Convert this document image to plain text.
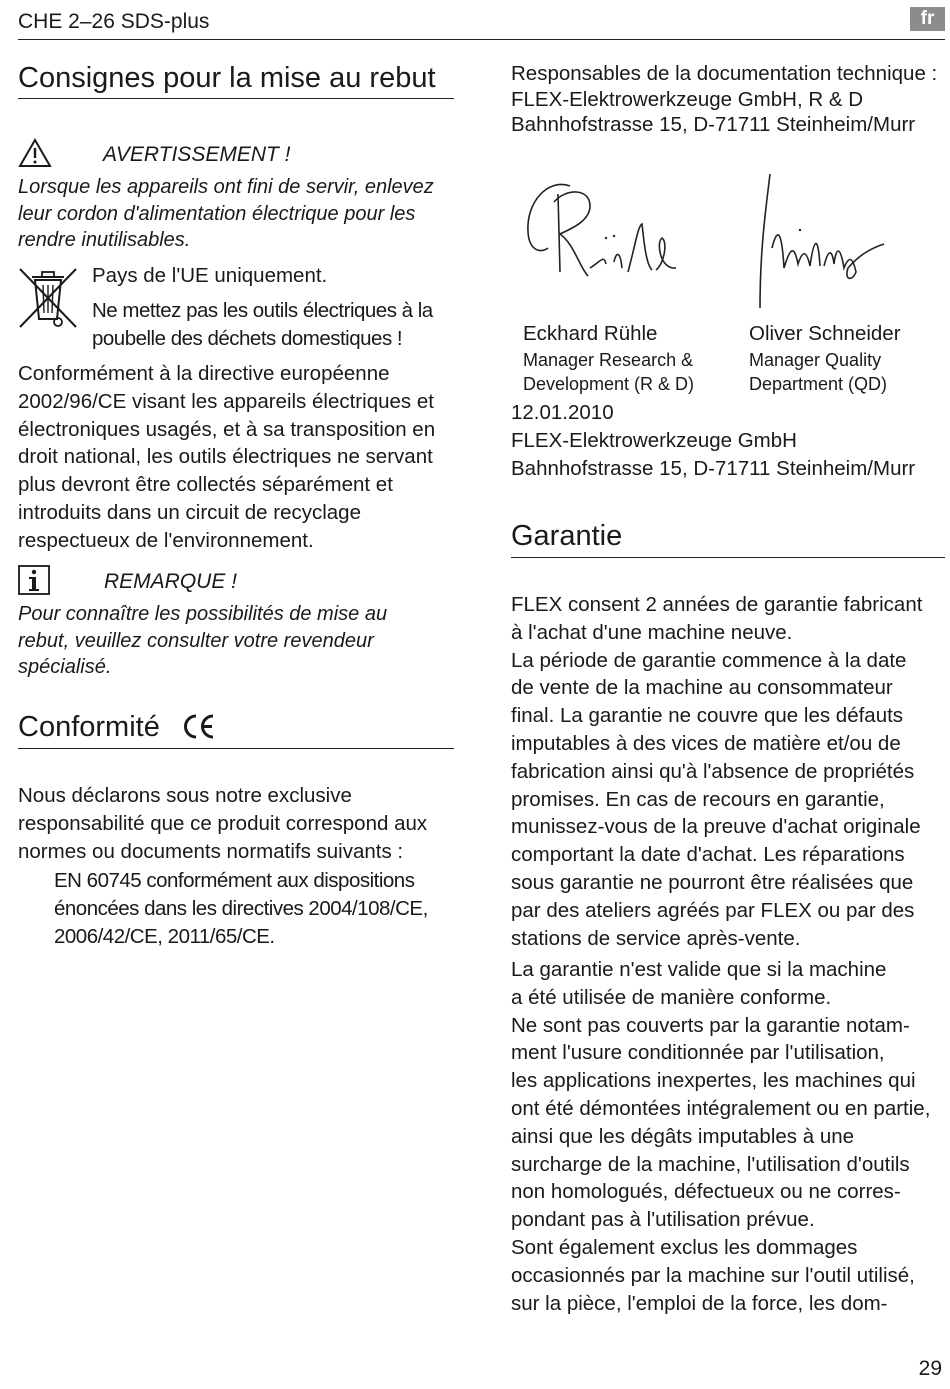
CHE 2–26 SDS-plus	fr
Consignes pour la mise au rebut
AVERTISSEMENT !

Lorsque les appareils ont fini de servir, enlevez

leur cordon d'alimentation électrique pour les

rendre inutilisables.

Pays de l'UE uniquement.

Ne mettez pas les outils électriques à la

poubelle des déchets domestiques !

Conformément à la directive européenne

2002/96/CE visant les appareils électriques et

électroniques usagés, et à sa transposition en

droit national, les outils électriques ne servant

plus devront être collectés séparément et

introduits dans un circuit de recyclage

respectueux de l'environnement.

REMARQUE !

Pour connaître les possibilités de mise au

rebut, veuillez consulter votre revendeur

spécialisé.

Conformité	CE

Nous déclarons sous notre exclusive

responsabilité que ce produit correspond aux

normes ou documents normatifs suivants :

EN 60745 conformément aux dispositions

énoncées dans les directives 2004/108/CE,

2006/42/CE, 2011/65/CE.

Responsables de la documentation technique :

FLEX-Elektrowerkzeuge GmbH, R & D

Bahnhofstrasse 15, D-71711 Steinheim/Murr

Eckhard Rühle

Manager Research &

Development (R & D)

Oliver Schneider

Manager Quality

Department (QD)

12.01.2010

FLEX-Elektrowerkzeuge GmbH

Bahnhofstrasse 15, D-71711 Steinheim/Murr

Garantie

FLEX consent 2 années de garantie fabricant

à l'achat d'une machine neuve.

La période de garantie commence à la date

de vente de la machine au consommateur

final. La garantie ne couvre que les défauts

imputables à des vices de matière et/ou de

fabrication ainsi qu'à l'absence de propriétés

promises. En cas de recours en garantie,

munissez-vous de la preuve d'achat originale

comportant la date d'achat. Les réparations

sous garantie ne pourront être réalisées que

par des ateliers agréés par FLEX ou par des

stations de service après-vente.

La garantie n'est valide que si la machine

a été utilisée de manière conforme.

Ne sont pas couverts par la garantie notam-

ment l'usure conditionnée par l'utilisation,

les applications inexpertes, les machines qui

ont été démontées intégralement ou en partie,

ainsi que les dégâts imputables à une

surcharge de la machine, l'utilisation d'outils

non homologués, défectueux ou ne corres-

pondant pas à l'utilisation prévue.

Sont également exclus les dommages

occasionnés par la machine sur l'outil utilisé,

sur la pièce, l'emploi de la force, les dom-

29
